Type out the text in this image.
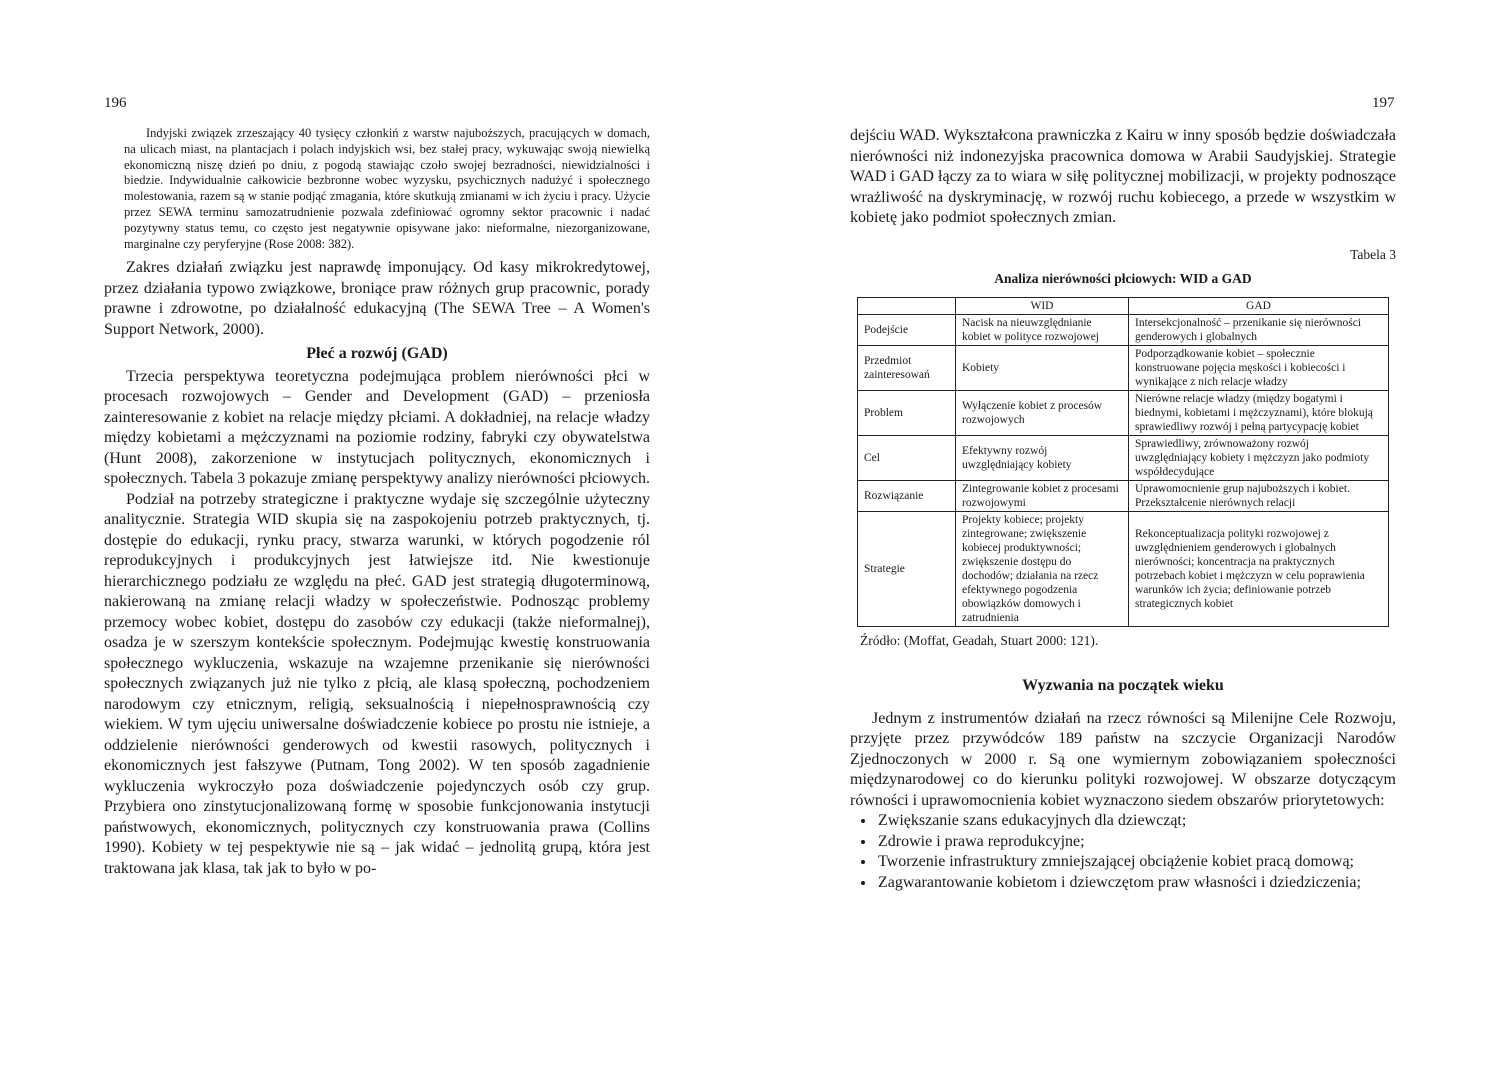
196	197

Indyjski związek zrzeszający 40 tysięcy członkiń z warstw najuboższych, pracujących w domach, na ulicach miast, na plantacjach i polach indyjskich wsi, bez stałej pracy, wykuwając swoją niewielką ekonomiczną niszę dzień po dniu, z pogodą stawiając czoło swojej bezradności, niewidzialności i biedzie. Indywidualnie całkowicie bezbronne wobec wyzysku, psychicznych nadużyć i społecznego molestowania, razem są w stanie podjąć zmagania, które skutkują zmianami w ich życiu i pracy. Użycie przez SEWA terminu samozatrudnienie pozwala zdefiniować ogromny sektor pracownic i nadać pozytywny status temu, co często jest negatywnie opisywane jako: nieformalne, niezorganizowane, marginalne czy peryferyjne (Rose 2008: 382).

Zakres działań związku jest naprawdę imponujący. Od kasy mikrokredytowej, przez działania typowo związkowe, broniące praw różnych grup pracownic, porady prawne i zdrowotne, po działalność edukacyjną (The SEWA Tree – A Women's Support Network, 2000).

Płeć a rozwój (GAD)

Trzecia perspektywa teoretyczna podejmująca problem nierówności płci w procesach rozwojowych – Gender and Development (GAD) – przeniosła zainteresowanie z kobiet na relacje między płciami. A dokładniej, na relacje władzy między kobietami a mężczyznami na poziomie rodziny, fabryki czy obywatelstwa (Hunt 2008), zakorzenione w instytucjach politycznych, ekonomicznych i społecznych. Tabela 3 pokazuje zmianę perspektywy analizy nierówności płciowych.

Podział na potrzeby strategiczne i praktyczne wydaje się szczególnie użyteczny analitycznie. Strategia WID skupia się na zaspokojeniu potrzeb praktycznych, tj. dostępie do edukacji, rynku pracy, stwarza warunki, w których pogodzenie ról reprodukcyjnych i produkcyjnych jest łatwiejsze itd. Nie kwestionuje hierarchicznego podziału ze względu na płeć. GAD jest strategią długoterminową, nakierowaną na zmianę relacji władzy w społeczeństwie. Podnosząc problemy przemocy wobec kobiet, dostępu do zasobów czy edukacji (także nieformalnej), osadza je w szerszym kontekście społecznym. Podejmując kwestię konstruowania społecznego wykluczenia, wskazuje na wzajemne przenikanie się nierówności społecznych związanych już nie tylko z płcią, ale klasą społeczną, pochodzeniem narodowym czy etnicznym, religią, seksualnością i niepełnosprawnością czy wiekiem. W tym ujęciu uniwersalne doświadczenie kobiece po prostu nie istnieje, a oddzielenie nierówności genderowych od kwestii rasowych, politycznych i ekonomicznych jest fałszywe (Putnam, Tong 2002). W ten sposób zagadnienie wykluczenia wykroczyło poza doświadczenie pojedynczych osób czy grup. Przybiera ono zinstytucjonalizowaną formę w sposobie funkcjonowania instytucji państwowych, ekonomicznych, politycznych czy konstruowania prawa (Collins 1990). Kobiety w tej pespektywie nie są – jak widać – jednolitą grupą, która jest traktowana jak klasa, tak jak to było w po-

dejściu WAD. Wykształcona prawniczka z Kairu w inny sposób będzie doświadczała nierówności niż indonezyjska pracownica domowa w Arabii Saudyjskiej. Strategie WAD i GAD łączy za to wiara w siłę politycznej mobilizacji, w projekty podnoszące wrażliwość na dyskryminację, w rozwój ruchu kobiecego, a przede w wszystkim w kobietę jako podmiot społecznych zmian.

Tabela 3
Analiza nierówności płciowych: WID a GAD
	WID	GAD
Podejście	Nacisk na nieuwzględnianie kobiet w polityce rozwojowej	Intersekcjonalność – przenikanie się nierówności genderowych i globalnych
Przedmiot zainteresowań	Kobiety	Podporządkowanie kobiet – społecznie konstruowane pojęcia męskości i kobiecości i wynikające z nich relacje władzy
Problem	Wyłączenie kobiet z procesów rozwojowych	Nierówne relacje władzy (między bogatymi i biednymi, kobietami i mężczyznami), które blokują sprawiedliwy rozwój i pełną partycypację kobiet
Cel	Efektywny rozwój uwzględniający kobiety	Sprawiedliwy, zrównoważony rozwój uwzględniający kobiety i mężczyzn jako podmioty współdecydujące
Rozwiązanie	Zintegrowanie kobiet z procesami rozwojowymi	Uprawomocnienie grup najuboższych i kobiet. Przekształcenie nierównych relacji
Strategie	Projekty kobiece; projekty zintegrowane; zwiększenie kobiecej produktywności; zwiększenie dostępu do dochodów; działania na rzecz efektywnego pogodzenia obowiązków domowych i zatrudnienia	Rekonceptualizacja polityki rozwojowej z uwzględnieniem genderowych i globalnych nierówności; koncentracja na praktycznych potrzebach kobiet i mężczyzn w celu poprawienia warunków ich życia; definiowanie potrzeb strategicznych kobiet
Źródło: (Moffat, Geadah, Stuart 2000: 121).
Wyzwania na początek wieku

Jednym z instrumentów działań na rzecz równości są Milenijne Cele Rozwoju, przyjęte przez przywódców 189 państw na szczycie Organizacji Narodów Zjednoczonych w 2000 r. Są one wymiernym zobowiązaniem społeczności międzynarodowej co do kierunku polityki rozwojowej. W obszarze dotyczącym równości i uprawomocnienia kobiet wyznaczono siedem obszarów priorytetowych:

• Zwiększanie szans edukacyjnych dla dziewcząt;
• Zdrowie i prawa reprodukcyjne;
• Tworzenie infrastruktury zmniejszającej obciążenie kobiet pracą domową;
• Zagwarantowanie kobietom i dziewczętom praw własności i dziedziczenia;
